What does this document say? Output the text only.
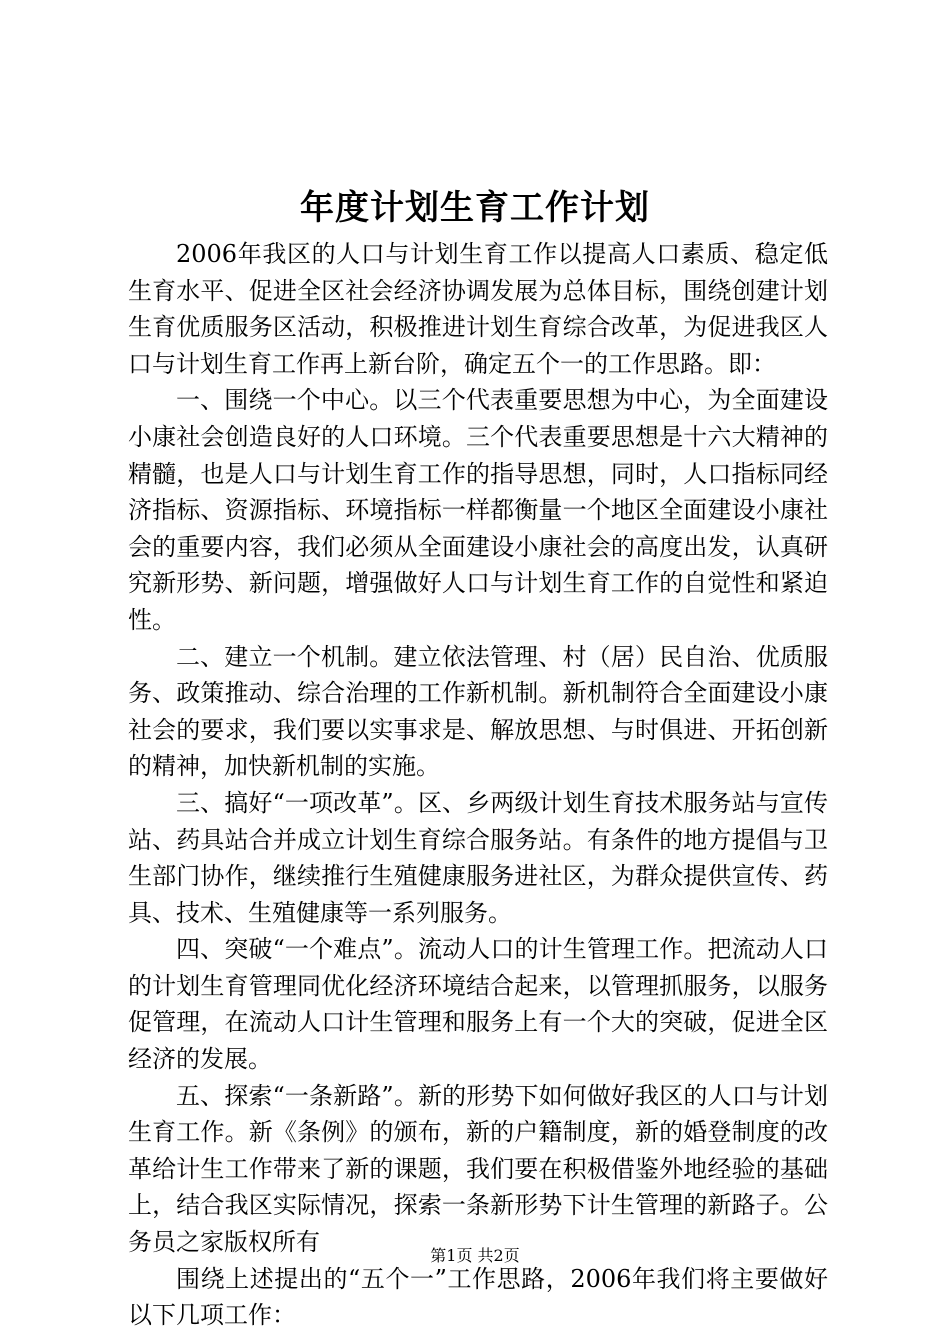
年度计划生育工作计划

2006年我区的人口与计划生育工作以提高人口素质、稳定低生育水平、促进全区社会经济协调发展为总体目标，围绕创建计划生育优质服务区活动，积极推进计划生育综合改革，为促进我区人口与计划生育工作再上新台阶，确定五个一的工作思路。即：

一、围绕一个中心。以三个代表重要思想为中心，为全面建设小康社会创造良好的人口环境。三个代表重要思想是十六大精神的精髓，也是人口与计划生育工作的指导思想，同时，人口指标同经济指标、资源指标、环境指标一样都衡量一个地区全面建设小康社会的重要内容，我们必须从全面建设小康社会的高度出发，认真研究新形势、新问题，增强做好人口与计划生育工作的自觉性和紧迫性。

二、建立一个机制。建立依法管理、村（居）民自治、优质服务、政策推动、综合治理的工作新机制。新机制符合全面建设小康社会的要求，我们要以实事求是、解放思想、与时俱进、开拓创新的精神，加快新机制的实施。

三、搞好“一项改革”。区、乡两级计划生育技术服务站与宣传站、药具站合并成立计划生育综合服务站。有条件的地方提倡与卫生部门协作，继续推行生殖健康服务进社区，为群众提供宣传、药具、技术、生殖健康等一系列服务。

四、突破“一个难点”。流动人口的计生管理工作。把流动人口的计划生育管理同优化经济环境结合起来，以管理抓服务，以服务促管理，在流动人口计生管理和服务上有一个大的突破，促进全区经济的发展。

五、探索“一条新路”。新的形势下如何做好我区的人口与计划生育工作。新《条例》的颁布，新的户籍制度，新的婚登制度的改革给计生工作带来了新的课题，我们要在积极借鉴外地经验的基础上，结合我区实际情况，探索一条新形势下计生管理的新路子。公务员之家版权所有

围绕上述提出的“五个一”工作思路，2006年我们将主要做好以下几项工作：

第1页 共2页
